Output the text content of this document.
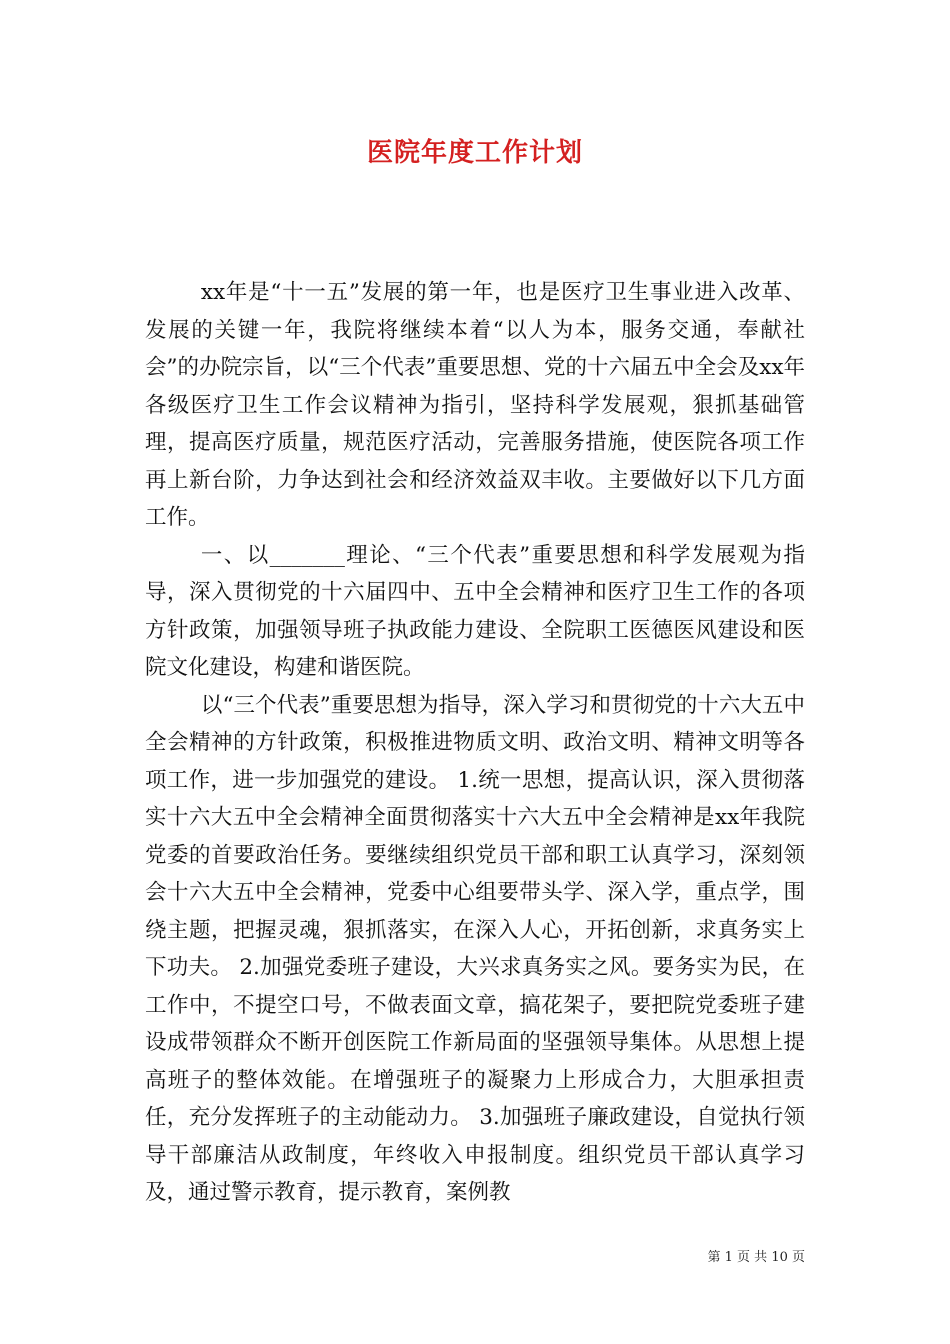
医院年度工作计划

xx年是“十一五”发展的第一年，也是医疗卫生事业进入改革、发展的关键一年，我院将继续本着“以人为本，服务交通，奉献社会”的办院宗旨，以“三个代表”重要思想、党的十六届五中全会及xx年各级医疗卫生工作会议精神为指引，坚持科学发展观，狠抓基础管理，提高医疗质量，规范医疗活动，完善服务措施，使医院各项工作再上新台阶，力争达到社会和经济效益双丰收。主要做好以下几方面工作。

一、以_______理论、“三个代表”重要思想和科学发展观为指导，深入贯彻党的十六届四中、五中全会精神和医疗卫生工作的各项方针政策，加强领导班子执政能力建设、全院职工医德医风建设和医院文化建设，构建和谐医院。

以“三个代表”重要思想为指导，深入学习和贯彻党的十六大五中全会精神的方针政策，积极推进物质文明、政治文明、精神文明等各项工作，进一步加强党的建设。 1.统一思想，提高认识，深入贯彻落实十六大五中全会精神全面贯彻落实十六大五中全会精神是xx年我院党委的首要政治任务。要继续组织党员干部和职工认真学习，深刻领会十六大五中全会精神，党委中心组要带头学、深入学，重点学，围绕主题，把握灵魂，狠抓落实，在深入人心，开拓创新，求真务实上下功夫。 2.加强党委班子建设，大兴求真务实之风。要务实为民，在工作中，不提空口号，不做表面文章，搞花架子，要把院党委班子建设成带领群众不断开创医院工作新局面的坚强领导集体。从思想上提高班子的整体效能。在增强班子的凝聚力上形成合力，大胆承担责任，充分发挥班子的主动能动力。 3.加强班子廉政建设，自觉执行领导干部廉洁从政制度，年终收入申报制度。组织党员干部认真学习及，通过警示教育，提示教育，案例教

第 1 页 共 10 页
